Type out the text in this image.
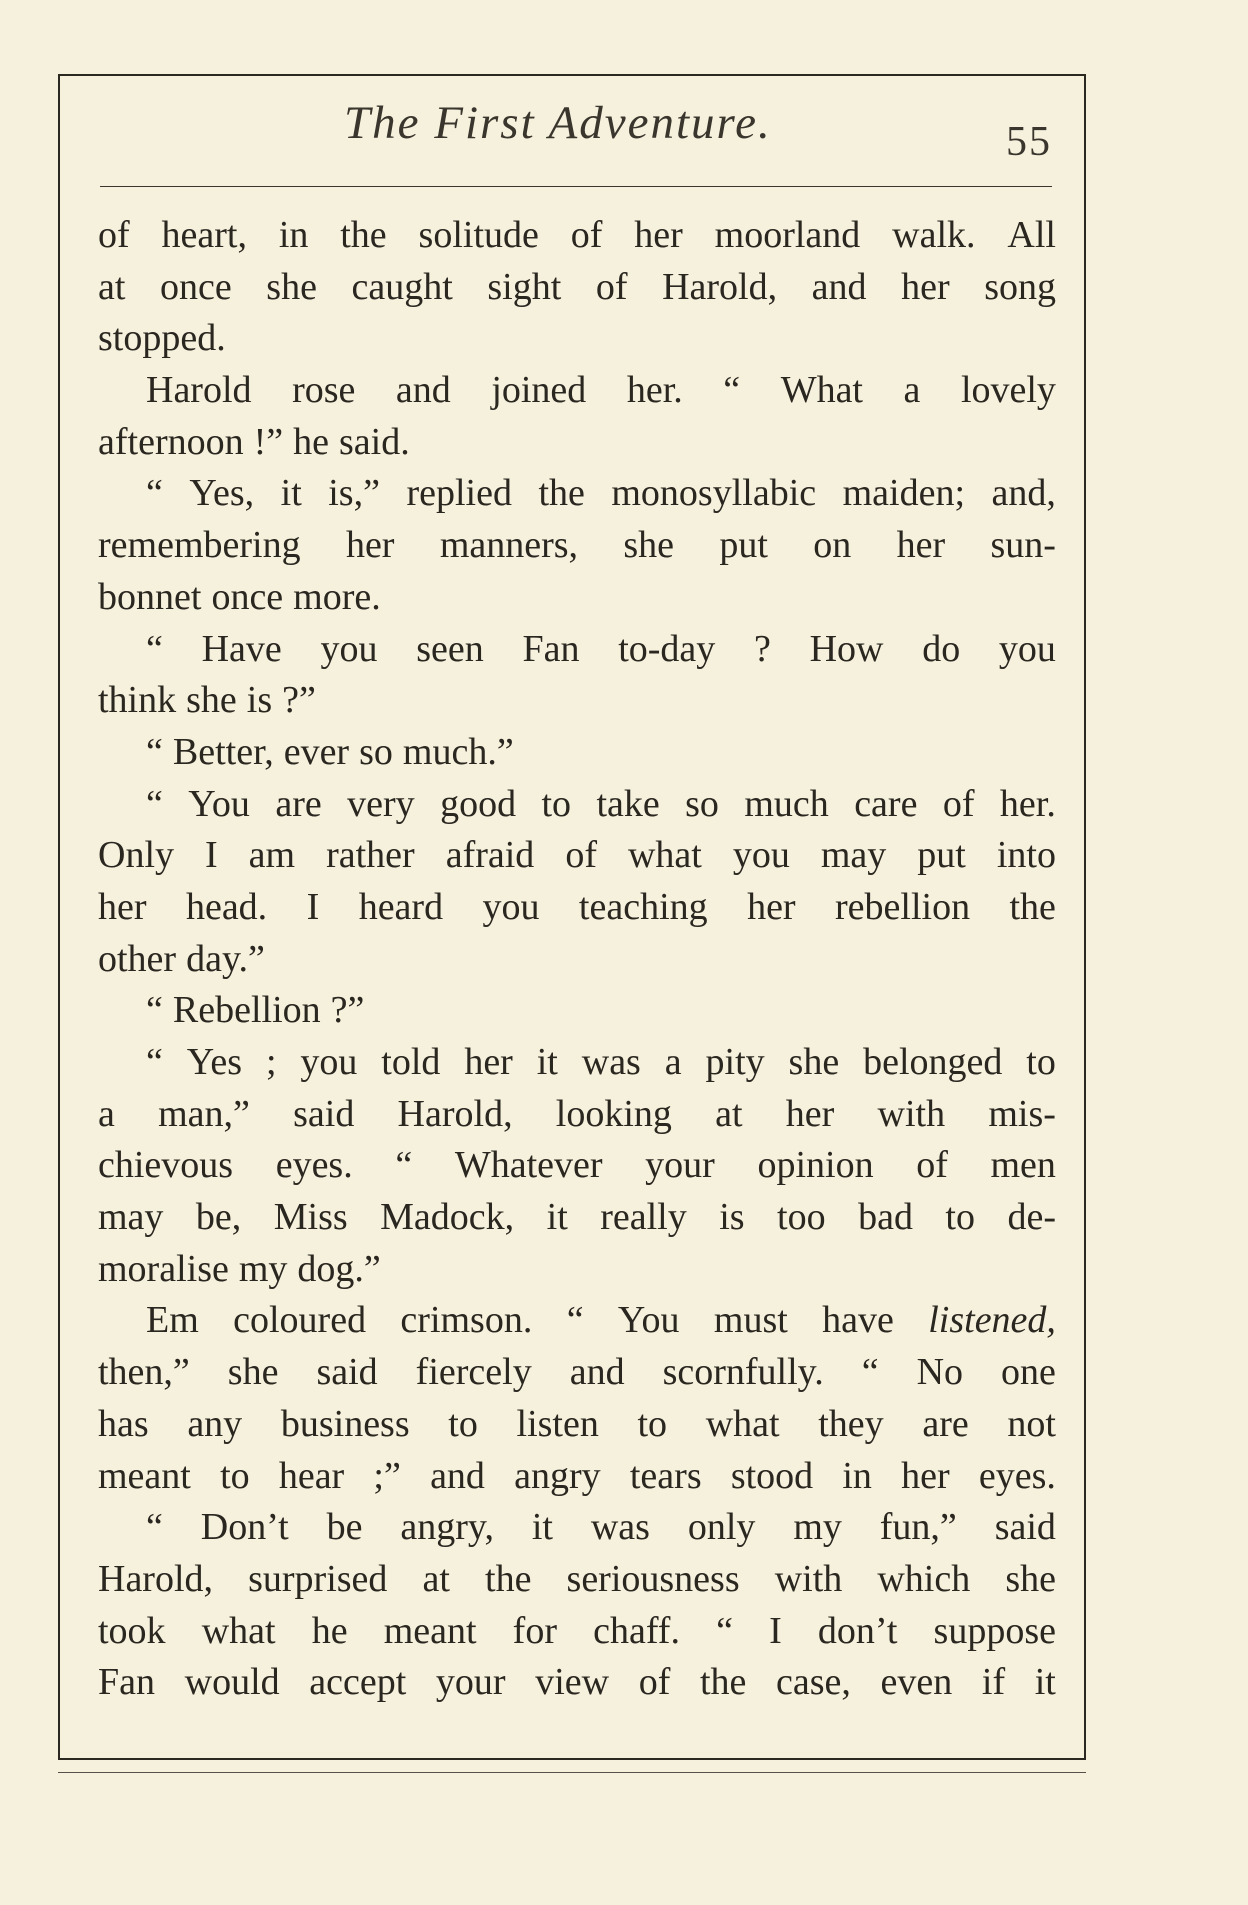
The First Adventure.	55
of heart, in the solitude of her moorland walk. All
at once she caught sight of Harold, and her song
stopped.
Harold rose and joined her. “ What a lovely
afternoon !” he said.
“ Yes, it is,” replied the monosyllabic maiden; and,
remembering her manners, she put on her sun-
bonnet once more.
“ Have you seen Fan to-day ? How do you
think she is ?”
“ Better, ever so much.”
“ You are very good to take so much care of her.
Only I am rather afraid of what you may put into
her head. I heard you teaching her rebellion the
other day.”
“ Rebellion ?”
“ Yes ; you told her it was a pity she belonged to
a man,” said Harold, looking at her with mis-
chievous eyes. “ Whatever your opinion of men
may be, Miss Madock, it really is too bad to de-
moralise my dog.”
Em coloured crimson. “ You must have listened,
then,” she said fiercely and scornfully. “ No one
has any business to listen to what they are not
meant to hear ;” and angry tears stood in her eyes.
“ Don’t be angry, it was only my fun,” said
Harold, surprised at the seriousness with which she
took what he meant for chaff. “ I don’t suppose
Fan would accept your view of the case, even if it
